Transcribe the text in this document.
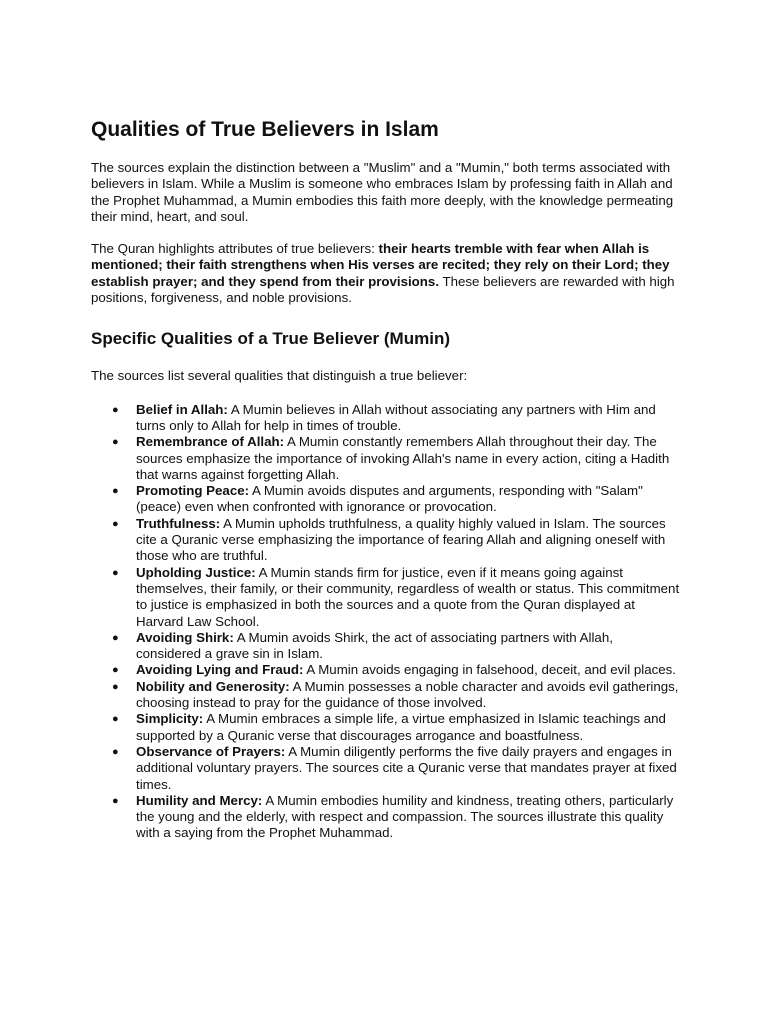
Qualities of True Believers in Islam

The sources explain the distinction between a "Muslim" and a "Mumin," both terms associated with believers in Islam. While a Muslim is someone who embraces Islam by professing faith in Allah and the Prophet Muhammad, a Mumin embodies this faith more deeply, with the knowledge permeating their mind, heart, and soul.

The Quran highlights attributes of true believers: their hearts tremble with fear when Allah is mentioned; their faith strengthens when His verses are recited; they rely on their Lord; they establish prayer; and they spend from their provisions. These believers are rewarded with high positions, forgiveness, and noble provisions.

Specific Qualities of a True Believer (Mumin)

The sources list several qualities that distinguish a true believer:

● Belief in Allah: A Mumin believes in Allah without associating any partners with Him and turns only to Allah for help in times of trouble.
● Remembrance of Allah: A Mumin constantly remembers Allah throughout their day. The sources emphasize the importance of invoking Allah's name in every action, citing a Hadith that warns against forgetting Allah.
● Promoting Peace: A Mumin avoids disputes and arguments, responding with "Salam" (peace) even when confronted with ignorance or provocation.
● Truthfulness: A Mumin upholds truthfulness, a quality highly valued in Islam. The sources cite a Quranic verse emphasizing the importance of fearing Allah and aligning oneself with those who are truthful.
● Upholding Justice: A Mumin stands firm for justice, even if it means going against themselves, their family, or their community, regardless of wealth or status. This commitment to justice is emphasized in both the sources and a quote from the Quran displayed at Harvard Law School.
● Avoiding Shirk: A Mumin avoids Shirk, the act of associating partners with Allah, considered a grave sin in Islam.
● Avoiding Lying and Fraud: A Mumin avoids engaging in falsehood, deceit, and evil places.
● Nobility and Generosity: A Mumin possesses a noble character and avoids evil gatherings, choosing instead to pray for the guidance of those involved.
● Simplicity: A Mumin embraces a simple life, a virtue emphasized in Islamic teachings and supported by a Quranic verse that discourages arrogance and boastfulness.
● Observance of Prayers: A Mumin diligently performs the five daily prayers and engages in additional voluntary prayers. The sources cite a Quranic verse that mandates prayer at fixed times.
● Humility and Mercy: A Mumin embodies humility and kindness, treating others, particularly the young and the elderly, with respect and compassion. The sources illustrate this quality with a saying from the Prophet Muhammad.
